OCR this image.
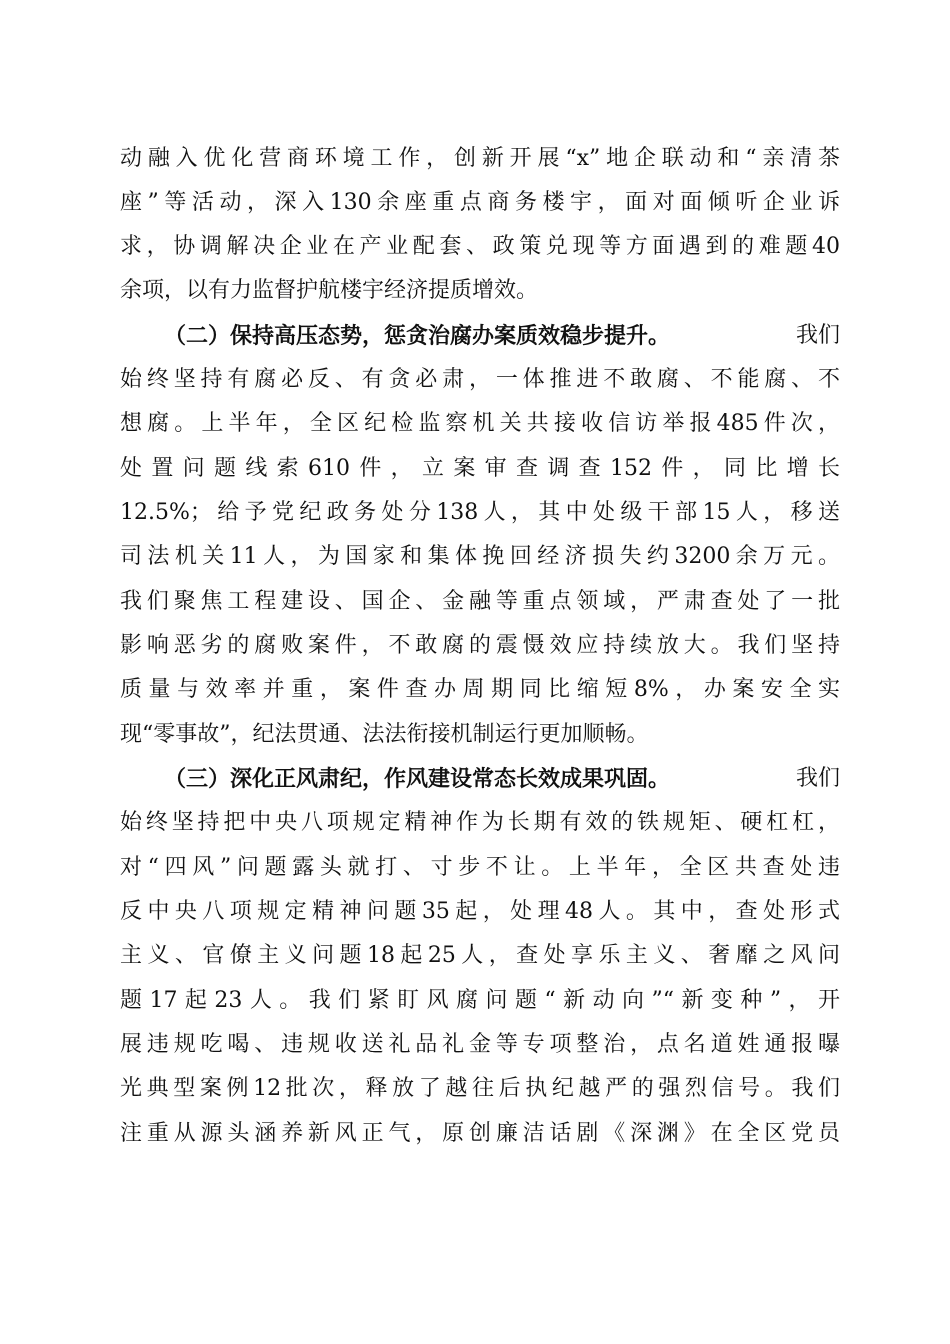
动融入优化营商环境工作，创新开展“x”地企联动和“亲清茶
座”等活动，深入130余座重点商务楼宇，面对面倾听企业诉
求，协调解决企业在产业配套、政策兑现等方面遇到的难题40
余项，以有力监督护航楼宇经济提质增效。
（二）保持高压态势，惩贪治腐办案质效稳步提升。	我们
始终坚持有腐必反、有贪必肃，一体推进不敢腐、不能腐、不
想腐。上半年，全区纪检监察机关共接收信访举报485件次，
处置问题线索610件，立案审查调查152件，同比增长
12.5%；给予党纪政务处分138人，其中处级干部15人，移送
司法机关11人，为国家和集体挽回经济损失约3200余万元。
我们聚焦工程建设、国企、金融等重点领域，严肃查处了一批
影响恶劣的腐败案件，不敢腐的震慑效应持续放大。我们坚持
质量与效率并重，案件查办周期同比缩短8%，办案安全实
现“零事故”，纪法贯通、法法衔接机制运行更加顺畅。
（三）深化正风肃纪，作风建设常态长效成果巩固。	我们
始终坚持把中央八项规定精神作为长期有效的铁规矩、硬杠杠，
对“四风”问题露头就打、寸步不让。上半年，全区共查处违
反中央八项规定精神问题35起，处理48人。其中，查处形式
主义、官僚主义问题18起25人，查处享乐主义、奢靡之风问
题17起23人。我们紧盯风腐问题“新动向”“新变种”，开
展违规吃喝、违规收送礼品礼金等专项整治，点名道姓通报曝
光典型案例12批次，释放了越往后执纪越严的强烈信号。我们
注重从源头涵养新风正气，原创廉洁话剧《深渊》在全区党员
